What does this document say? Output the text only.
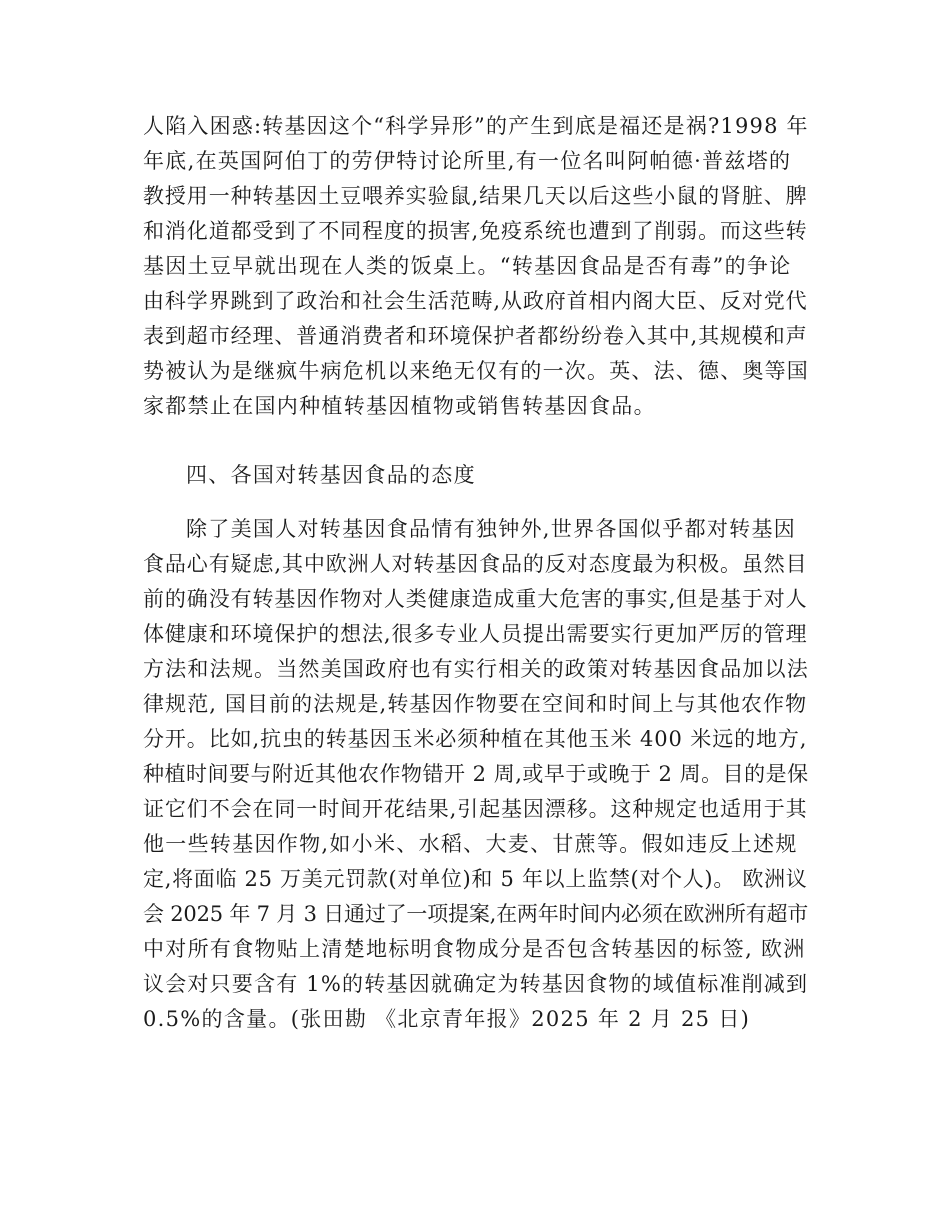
人陷入困惑:转基因这个“科学异形”的产生到底是福还是祸?1998 年
年底,在英国阿伯丁的劳伊特讨论所里,有一位名叫阿帕德·普兹塔的
教授用一种转基因土豆喂养实验鼠,结果几天以后这些小鼠的肾脏、脾
和消化道都受到了不同程度的损害,免疫系统也遭到了削弱。而这些转
基因土豆早就出现在人类的饭桌上。“转基因食品是否有毒”的争论
由科学界跳到了政治和社会生活范畴,从政府首相内阁大臣、反对党代
表到超市经理、普通消费者和环境保护者都纷纷卷入其中,其规模和声
势被认为是继疯牛病危机以来绝无仅有的一次。英、法、德、奥等国
家都禁止在国内种植转基因植物或销售转基因食品。
四、各国对转基因食品的态度
除了美国人对转基因食品情有独钟外,世界各国似乎都对转基因
食品心有疑虑,其中欧洲人对转基因食品的反对态度最为积极。虽然目
前的确没有转基因作物对人类健康造成重大危害的事实,但是基于对人
体健康和环境保护的想法,很多专业人员提出需要实行更加严厉的管理
方法和法规。当然美国政府也有实行相关的政策对转基因食品加以法
律规范, 国目前的法规是,转基因作物要在空间和时间上与其他农作物
分开。比如,抗虫的转基因玉米必须种植在其他玉米 400 米远的地方,
种植时间要与附近其他农作物错开 2 周,或早于或晚于 2 周。目的是保
证它们不会在同一时间开花结果,引起基因漂移。这种规定也适用于其
他一些转基因作物,如小米、水稻、大麦、甘蔗等。假如违反上述规
定,将面临 25 万美元罚款(对单位)和 5 年以上监禁(对个人)。 欧洲议
会 2025 年 7 月 3 日通过了一项提案,在两年时间内必须在欧洲所有超市
中对所有食物贴上清楚地标明食物成分是否包含转基因的标签, 欧洲
议会对只要含有 1%的转基因就确定为转基因食物的域值标准削减到
0.5%的含量。(张田勘 《北京青年报》2025 年 2 月 25 日)
